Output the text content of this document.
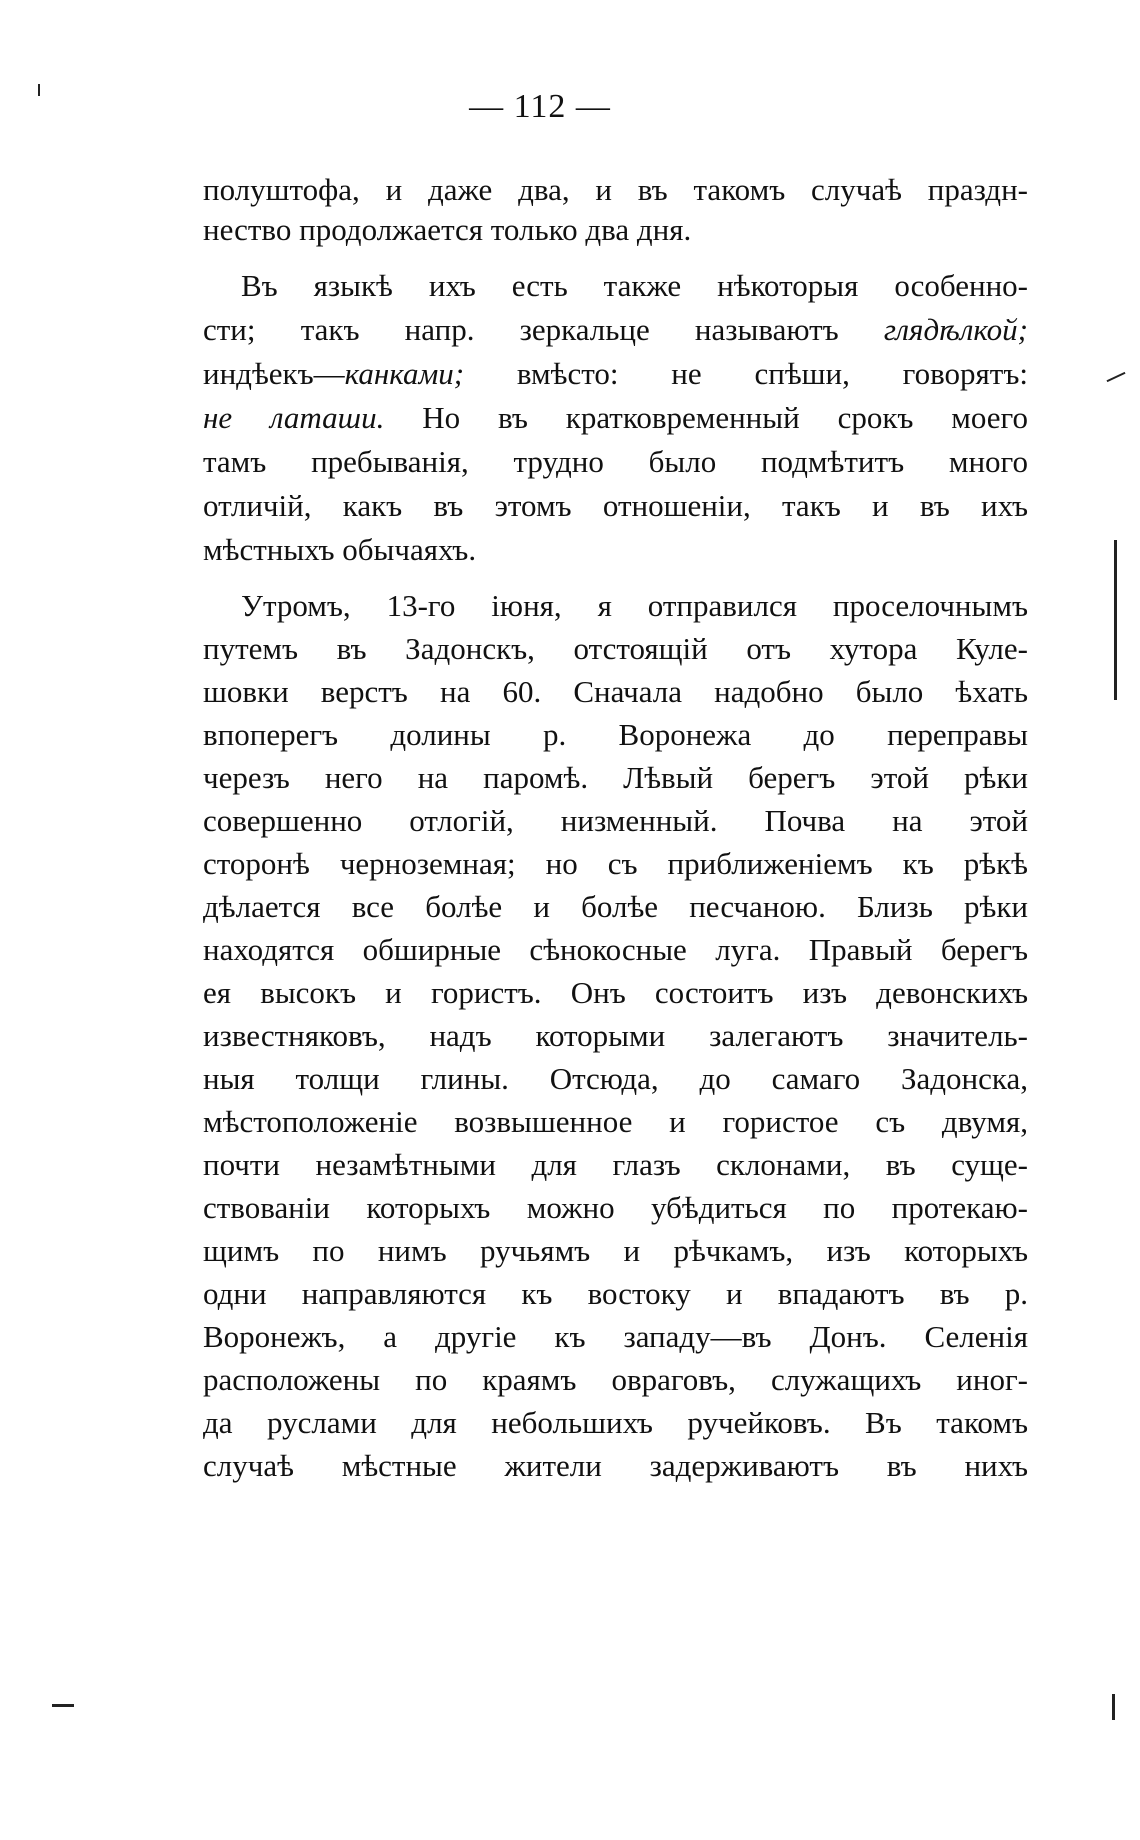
— 112 —
полуштофа, и даже два, и въ такомъ случаѣ праздн-
нество продолжается только два дня.
Въ языкѣ ихъ есть также нѣкоторыя особенно-
сти; такъ напр. зеркальце называютъ глядѣлкой;
индѣекъ—канками; вмѣсто: не спѣши, говорятъ:
не латаши. Но въ кратковременный срокъ моего
тамъ пребыванія, трудно было подмѣтитъ много
отличій, какъ въ этомъ отношеніи, такъ и въ ихъ
мѣстныхъ обычаяхъ.
Утромъ, 13-го іюня, я отправился проселочнымъ
путемъ въ Задонскъ, отстоящій отъ хутора Куле-
шовки верстъ на 60. Сначала надобно было ѣхать
впоперегъ долины р. Воронежа до переправы
черезъ него на паромѣ. Лѣвый берегъ этой рѣки
совершенно отлогій, низменный. Почва на этой
сторонѣ черноземная; но съ приближеніемъ къ рѣкѣ
дѣлается все болѣе и болѣе песчаною. Близь рѣки
находятся обширные сѣнокосные луга. Правый берегъ
ея высокъ и гористъ. Онъ состоитъ изъ девонскихъ
известняковъ, надъ которыми залегаютъ значитель-
ныя толщи глины. Отсюда, до самаго Задонска,
мѣстоположеніе возвышенное и гористое съ двумя,
почти незамѣтными для глазъ склонами, въ суще-
ствованіи которыхъ можно убѣдиться по протекаю-
щимъ по нимъ ручьямъ и рѣчкамъ, изъ которыхъ
одни направляются къ востоку и впадаютъ въ р.
Воронежъ, а другіе къ западу—въ Донъ. Селенія
расположены по краямъ овраговъ, служащихъ иног-
да руслами для небольшихъ ручейковъ. Въ такомъ
случаѣ мѣстные жители задерживаютъ въ нихъ
